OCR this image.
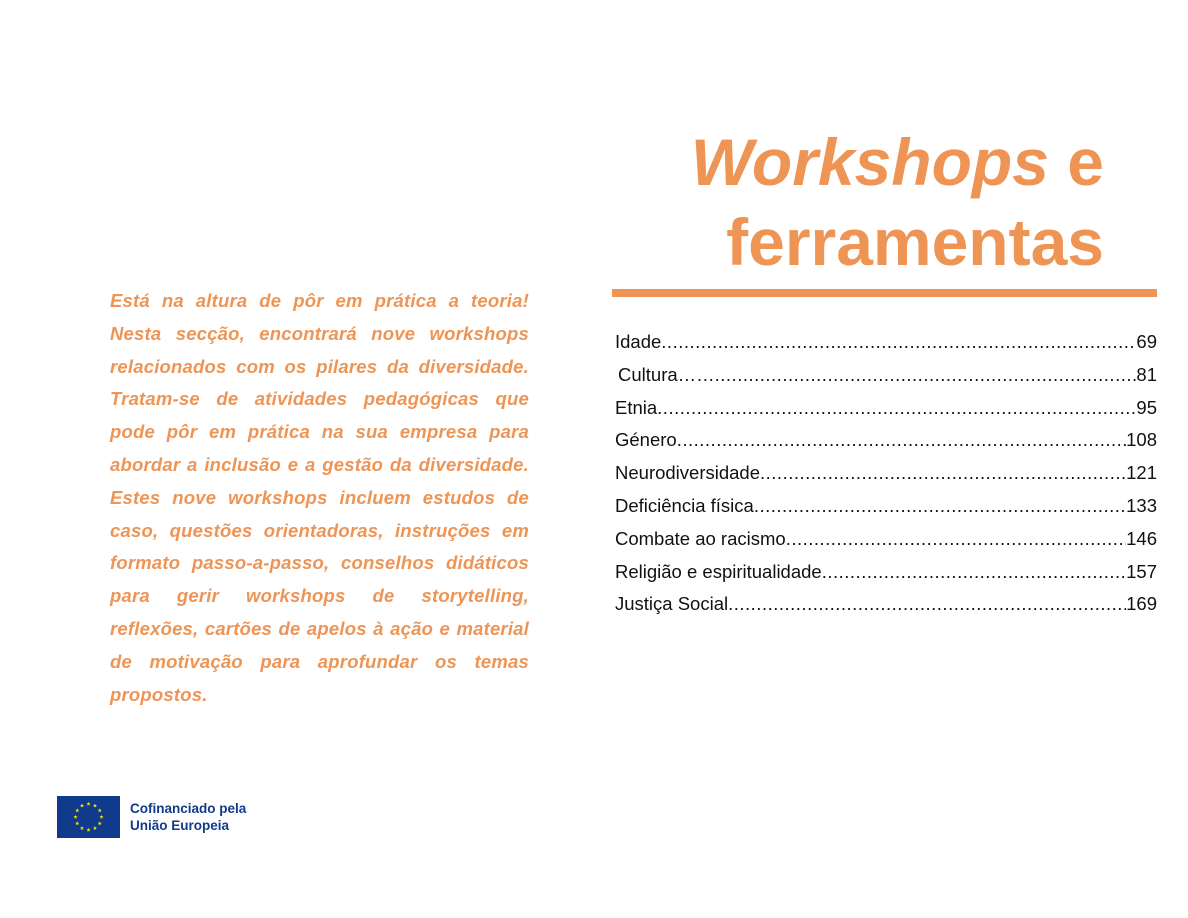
Workshops e
ferramentas

Está na altura de pôr em prática a teoria! Nesta secção, encontrará nove workshops relacionados com os pilares da diversidade. Tratam-se de atividades pedagógicas que pode pôr em prática na sua empresa para abordar a inclusão e a gestão da diversidade. Estes nove workshops incluem estudos de caso, questões orientadoras, instruções em formato passo-a-passo, conselhos didáticos para gerir workshops de storytelling, reflexões, cartões de apelos à ação e material de motivação para aprofundar os temas propostos.

Idade .....	69
Cultura…… .....	81
Etnia .....	95
Género .....	108
Neurodiversidade .....	121
Deficiência física .....	133
Combate ao racismo .....	146
Religião e espiritualidade .....	157
Justiça Social .....	169
Cofinanciado pela
União Europeia
